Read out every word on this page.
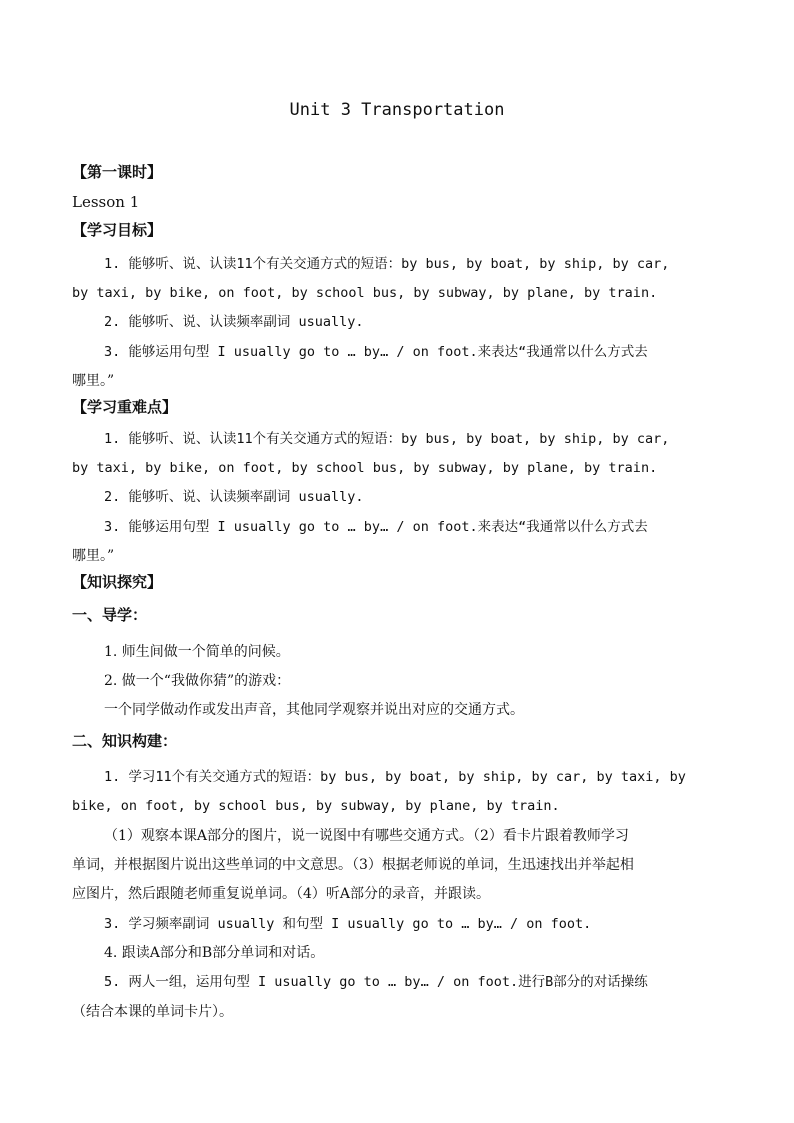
Unit 3 Transportation
【第一课时】
Lesson 1
【学习目标】
1. 能够听、说、认读11个有关交通方式的短语：by bus, by boat, by ship, by car,
by taxi, by bike, on foot, by school bus, by subway, by plane, by train.
2. 能够听、说、认读频率副词 usually.
3. 能够运用句型 I usually go to … by… / on foot.来表达“我通常以什么方式去
哪里。”
【学习重难点】
1. 能够听、说、认读11个有关交通方式的短语：by bus, by boat, by ship, by car,
by taxi, by bike, on foot, by school bus, by subway, by plane, by train.
2. 能够听、说、认读频率副词 usually.
3. 能够运用句型 I usually go to … by… / on foot.来表达“我通常以什么方式去
哪里。”
【知识探究】
一、导学：
1. 师生间做一个简单的问候。
2. 做一个“我做你猜”的游戏：
一个同学做动作或发出声音，其他同学观察并说出对应的交通方式。
二、知识构建：
1. 学习11个有关交通方式的短语：by bus, by boat, by ship, by car, by taxi, by
bike, on foot, by school bus, by subway, by plane, by train.
（1）观察本课A部分的图片，说一说图中有哪些交通方式。（2）看卡片跟着教师学习
单词，并根据图片说出这些单词的中文意思。（3）根据老师说的单词，生迅速找出并举起相
应图片，然后跟随老师重复说单词。（4）听A部分的录音，并跟读。
3. 学习频率副词 usually 和句型 I usually go to … by… / on foot.
4. 跟读A部分和B部分单词和对话。
5. 两人一组，运用句型 I usually go to … by… / on foot.进行B部分的对话操练
（结合本课的单词卡片）。
